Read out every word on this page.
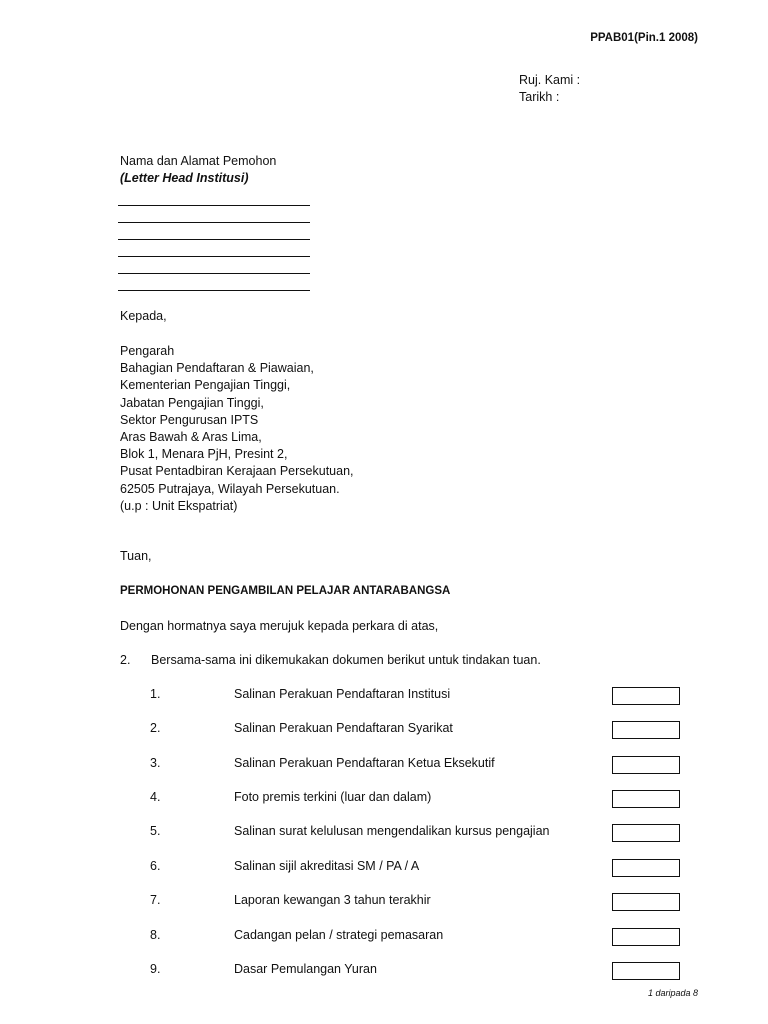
PPAB01(Pin.1 2008)
Ruj. Kami :
Tarikh :
Nama dan Alamat Pemohon
(Letter Head Institusi)
Kepada,
Pengarah
Bahagian Pendaftaran & Piawaian,
Kementerian Pengajian Tinggi,
Jabatan Pengajian Tinggi,
Sektor Pengurusan IPTS
Aras Bawah & Aras Lima,
Blok 1, Menara PjH, Presint 2,
Pusat Pentadbiran Kerajaan Persekutuan,
62505 Putrajaya, Wilayah Persekutuan.
(u.p : Unit Ekspatriat)
Tuan,
PERMOHONAN PENGAMBILAN PELAJAR ANTARABANGSA
Dengan hormatnya saya merujuk kepada perkara di atas,
2. Bersama-sama ini dikemukakan dokumen berikut untuk tindakan tuan.
1.	Salinan Perakuan Pendaftaran Institusi
2.	Salinan Perakuan Pendaftaran Syarikat
3.	Salinan Perakuan Pendaftaran Ketua Eksekutif
4.	Foto premis terkini (luar dan dalam)
5.	Salinan surat kelulusan mengendalikan kursus pengajian
6.	Salinan sijil akreditasi SM / PA / A
7.	Laporan kewangan 3 tahun terakhir
8.	Cadangan pelan / strategi pemasaran
9.	Dasar Pemulangan Yuran
1 daripada 8
